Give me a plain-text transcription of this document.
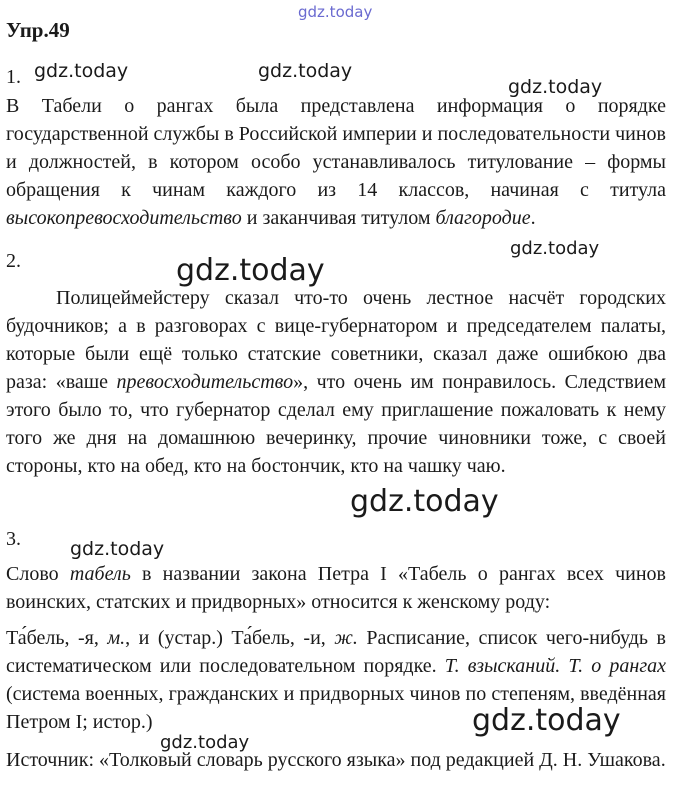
gdz.today
Упр.49
1. gdz.today	gdz.today
gdz.today

В Табели о рангах была представлена информация о порядке государственной службы в Российской империи и последовательности чинов и должностей, в котором особо устанавливалось титулование – формы обращения к чинам каждого из 14 классов, начиная с титула высокопревосходительство и заканчивая титулом благородие.

2.
gdz.today
gdz.today

Полицеймейстеру сказал что-то очень лестное насчёт городских будочников; а в разговорах с вице-губернатором и председателем палаты, которые были ещё только статские советники, сказал даже ошибкою два раза: «ваше превосходительство», что очень им понравилось. Следствием этого было то, что губернатор сделал ему приглашение пожаловать к нему того же дня на домашнюю вечеринку, прочие чиновники тоже, с своей стороны, кто на обед, кто на бостончик, кто на чашку чаю.

3.
gdz.today
gdz.today

Слово табель в названии закона Петра I «Табель о рангах всех чинов воинских, статских и придворных» относится к женскому роду:

Та́бель, -я, м., и (устар.) Та́бель, -и, ж. Расписание, список чего-нибудь в систематическом или последовательном порядке. Т. взысканий. Т. о рангах (система военных, гражданских и придворных чинов по степеням, введённая Петром I; истор.)	gdz.today
gdz.today

Источник: «Толковый словарь русского языка» под редакцией Д. Н. Ушакова.
